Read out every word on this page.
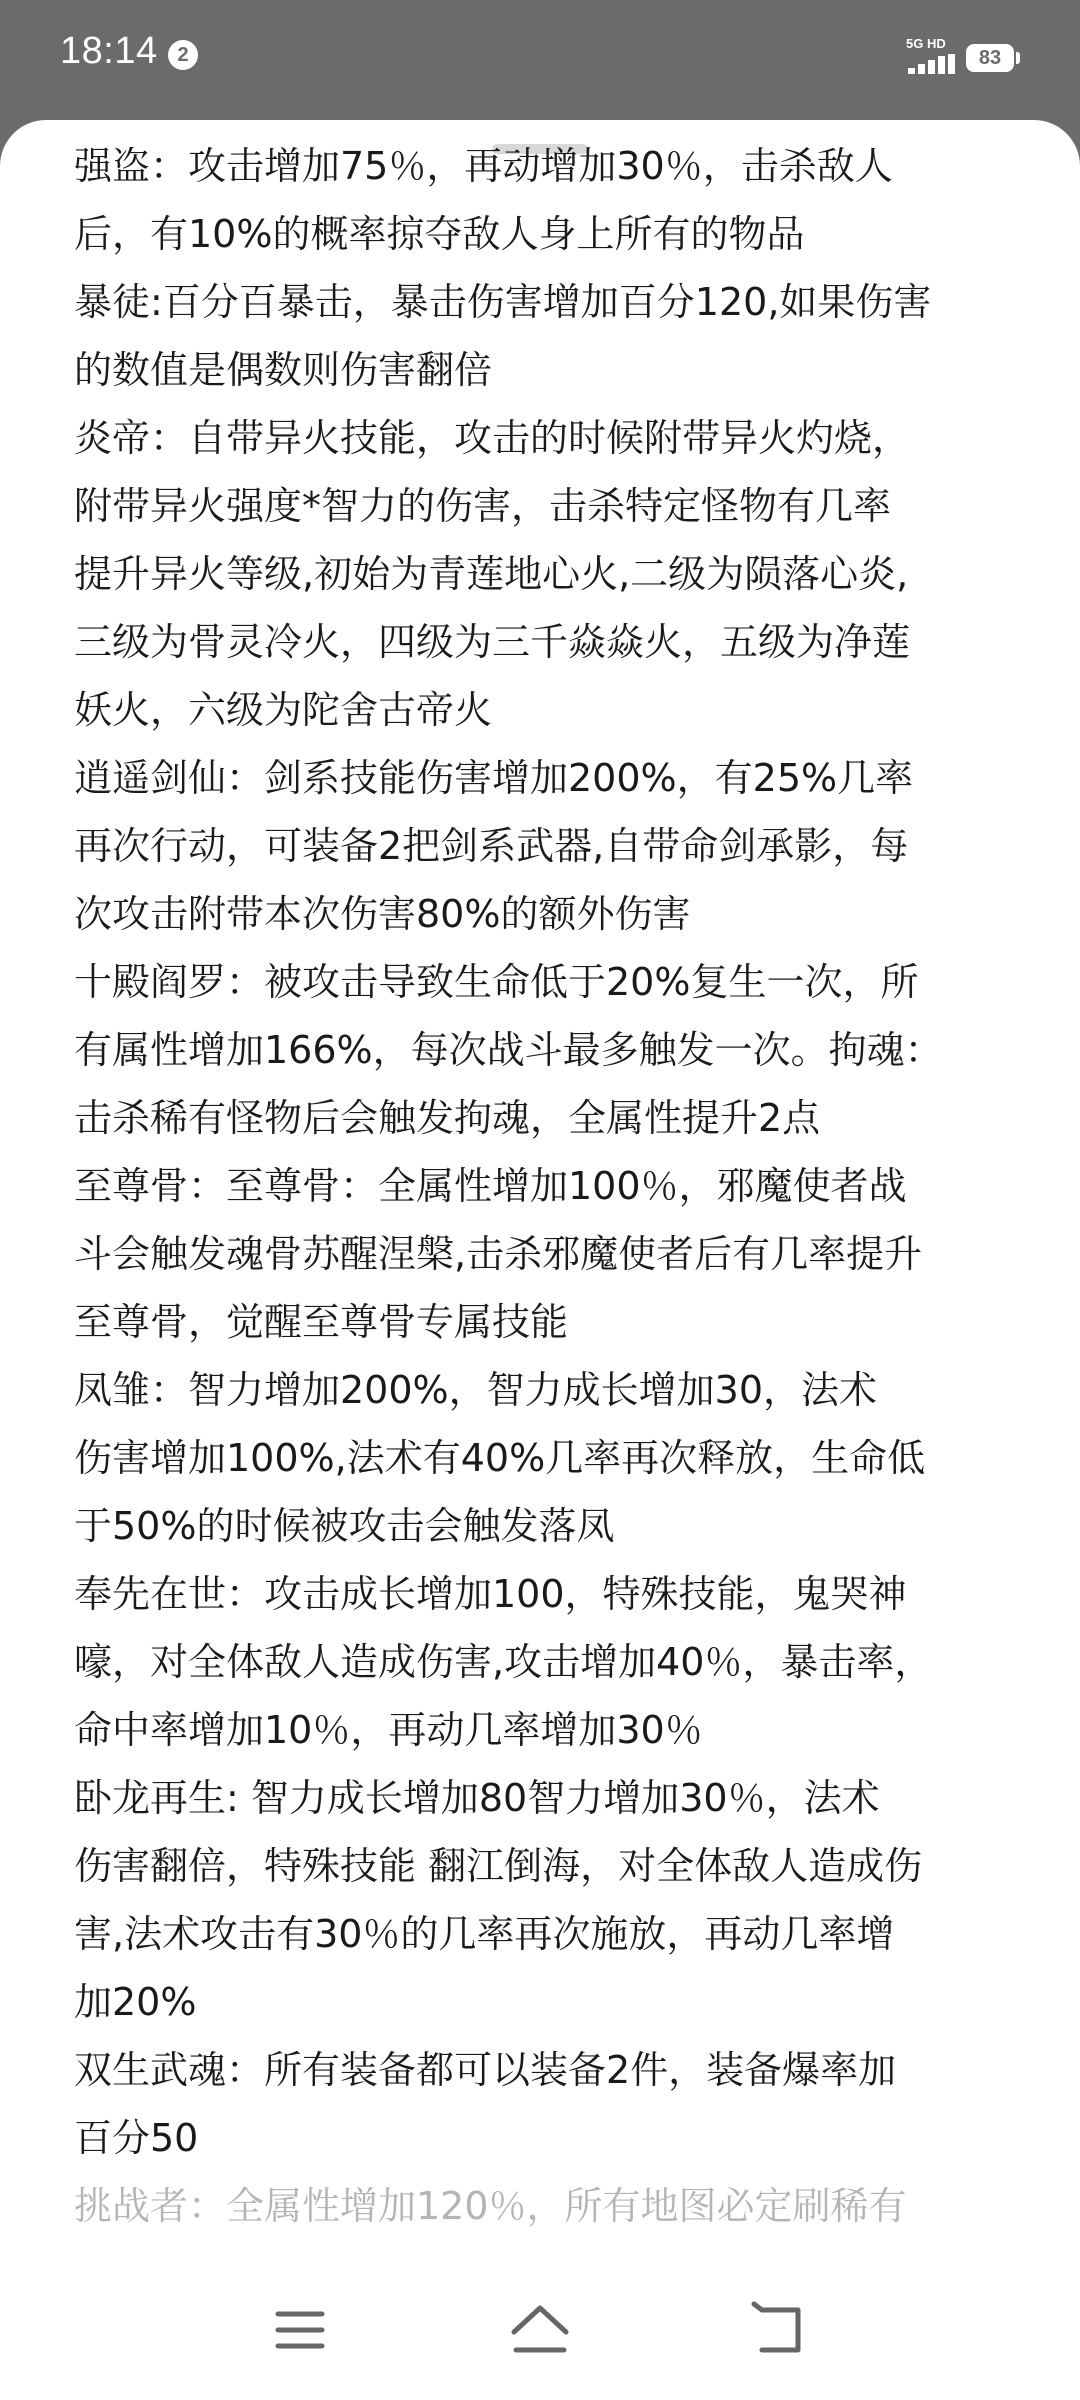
18:14 2
5G HD
83
强盗：攻击增加75％，再动增加30％，击杀敌人
后，有10%的概率掠夺敌人身上所有的物品
暴徒:百分百暴击，暴击伤害增加百分120,如果伤害
的数值是偶数则伤害翻倍
炎帝：自带异火技能，攻击的时候附带异火灼烧，
附带异火强度*智力的伤害，击杀特定怪物有几率
提升异火等级,初始为青莲地心火,二级为陨落心炎,
三级为骨灵冷火，四级为三千焱焱火，五级为净莲
妖火，六级为陀舍古帝火
逍遥剑仙：剑系技能伤害增加200%，有25%几率
再次行动，可装备2把剑系武器,自带命剑承影，每
次攻击附带本次伤害80%的额外伤害
十殿阎罗：被攻击导致生命低于20%复生一次，所
有属性增加166%，每次战斗最多触发一次。拘魂：
击杀稀有怪物后会触发拘魂，全属性提升2点
至尊骨：至尊骨：全属性增加100％，邪魔使者战
斗会触发魂骨苏醒涅槃,击杀邪魔使者后有几率提升
至尊骨，觉醒至尊骨专属技能
凤雏：智力增加200%，智力成长增加30，法术
伤害增加100%,法术有40%几率再次释放，生命低
于50%的时候被攻击会触发落凤
奉先在世：攻击成长增加100，特殊技能，鬼哭神
嚎，对全体敌人造成伤害,攻击增加40％，暴击率，
命中率增加10％，再动几率增加30％
卧龙再生: 智力成长增加80智力增加30％，法术
伤害翻倍，特殊技能 翻江倒海，对全体敌人造成伤
害,法术攻击有30％的几率再次施放，再动几率增
加20%
双生武魂：所有装备都可以装备2件，装备爆率加
百分50
挑战者：全属性增加120％，所有地图必定刷稀有
